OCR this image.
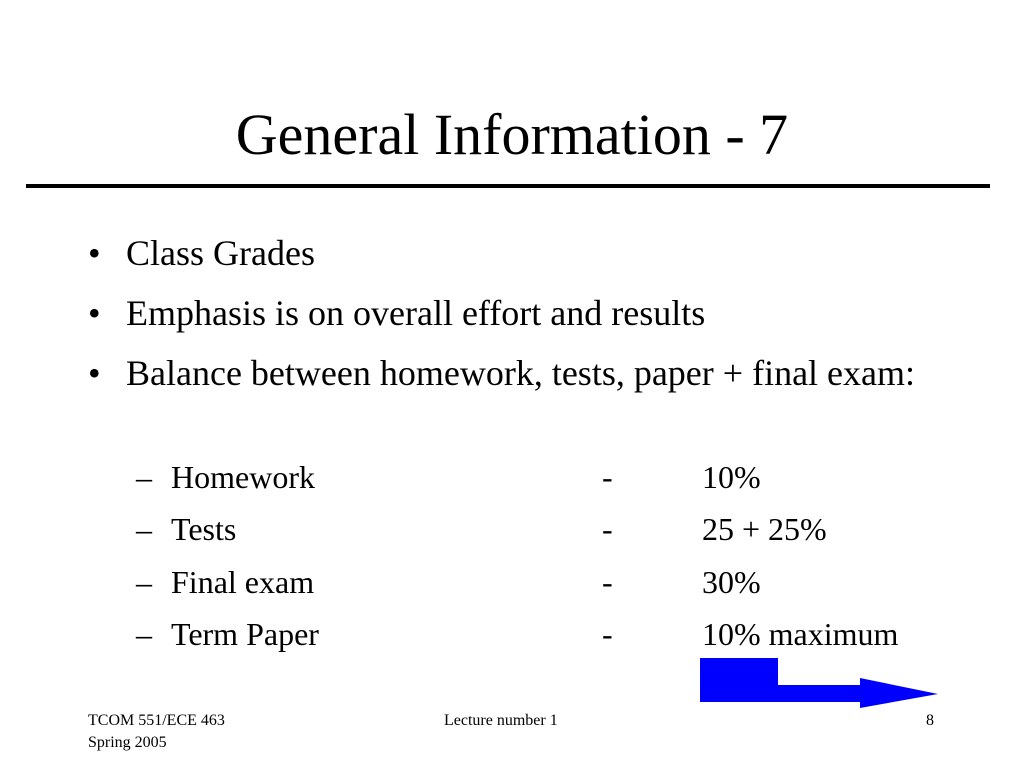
General Information - 7
• Class Grades
• Emphasis is on overall effort and results
• Balance between homework, tests, paper + final exam:
– Homework	-	10%
– Tests	-	25 + 25%
– Final exam	-	30%
– Term Paper	-	10% maximum
TCOM 551/ECE 463
Spring 2005
Lecture number 1	8
